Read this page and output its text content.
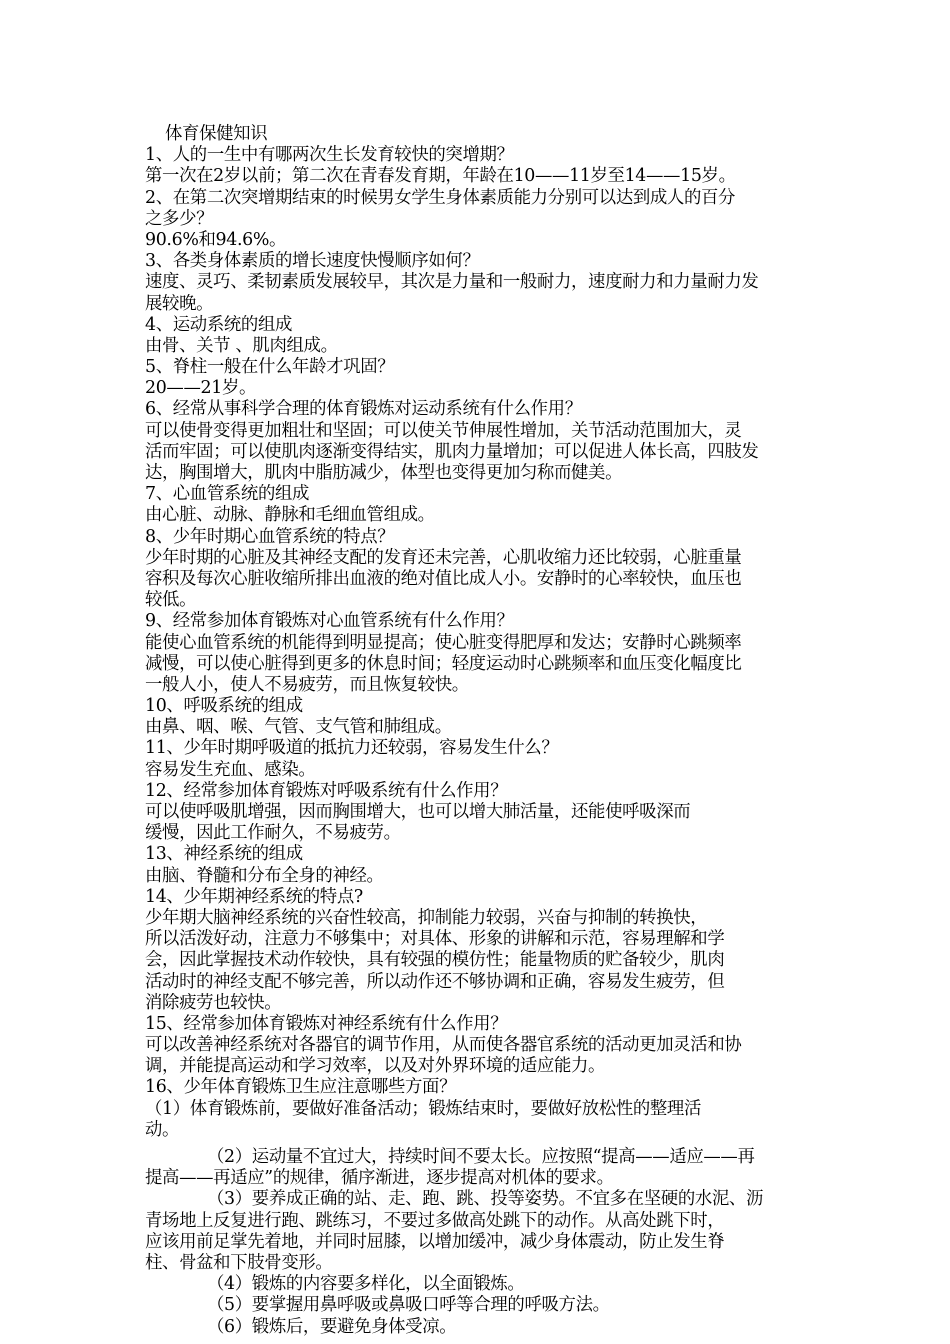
体育保健知识
1、人的一生中有哪两次生长发育较快的突增期？
第一次在2岁以前；第二次在青春发育期，年龄在10——11岁至14——15岁。
2、在第二次突增期结束的时候男女学生身体素质能力分别可以达到成人的百分
之多少？
90.6%和94.6%。
3、各类身体素质的增长速度快慢顺序如何？
速度、灵巧、柔韧素质发展较早，其次是力量和一般耐力，速度耐力和力量耐力发
展较晚。
4、运动系统的组成
由骨、关节 、肌肉组成。
5、脊柱一般在什么年龄才巩固？
20——21岁。
6、经常从事科学合理的体育锻炼对运动系统有什么作用？
可以使骨变得更加粗壮和坚固；可以使关节伸展性增加，关节活动范围加大，灵
活而牢固；可以使肌肉逐渐变得结实，肌肉力量增加；可以促进人体长高，四肢发
达，胸围增大，肌肉中脂肪减少，体型也变得更加匀称而健美。
7、心血管系统的组成
由心脏、动脉、静脉和毛细血管组成。
8、少年时期心血管系统的特点？
少年时期的心脏及其神经支配的发育还未完善，心肌收缩力还比较弱，心脏重量
容积及每次心脏收缩所排出血液的绝对值比成人小。安静时的心率较快，血压也
较低。
9、经常参加体育锻炼对心血管系统有什么作用？
能使心血管系统的机能得到明显提高；使心脏变得肥厚和发达；安静时心跳频率
减慢，可以使心脏得到更多的休息时间；轻度运动时心跳频率和血压变化幅度比
一般人小，使人不易疲劳，而且恢复较快。
10、呼吸系统的组成
由鼻、咽、喉、气管、支气管和肺组成。
11、少年时期呼吸道的抵抗力还较弱，容易发生什么？
容易发生充血、感染。
12、经常参加体育锻炼对呼吸系统有什么作用？
可以使呼吸肌增强，因而胸围增大，也可以增大肺活量，还能使呼吸深而
缓慢，因此工作耐久，不易疲劳。
13、神经系统的组成
由脑、脊髓和分布全身的神经。
14、少年期神经系统的特点?
少年期大脑神经系统的兴奋性较高，抑制能力较弱，兴奋与抑制的转换快，
所以活泼好动，注意力不够集中；对具体、形象的讲解和示范，容易理解和学
会，因此掌握技术动作较快，具有较强的模仿性；能量物质的贮备较少，肌肉
活动时的神经支配不够完善，所以动作还不够协调和正确，容易发生疲劳，但
消除疲劳也较快。
15、经常参加体育锻炼对神经系统有什么作用？
可以改善神经系统对各器官的调节作用，从而使各器官系统的活动更加灵活和协
调，并能提高运动和学习效率，以及对外界环境的适应能力。
16、少年体育锻炼卫生应注意哪些方面？
（1）体育锻炼前，要做好准备活动；锻炼结束时，要做好放松性的整理活
动。
（2）运动量不宜过大，持续时间不要太长。应按照“提高——适应——再
提高——再适应”的规律，循序渐进，逐步提高对机体的要求。
（3）要养成正确的站、走、跑、跳、投等姿势。不宜多在坚硬的水泥、沥
青场地上反复进行跑、跳练习，不要过多做高处跳下的动作。从高处跳下时，
应该用前足掌先着地，并同时屈膝，以增加缓冲，减少身体震动，防止发生脊
柱、骨盆和下肢骨变形。
（4）锻炼的内容要多样化，以全面锻炼。
（5）要掌握用鼻呼吸或鼻吸口呼等合理的呼吸方法。
（6）锻炼后，要避免身体受凉。
